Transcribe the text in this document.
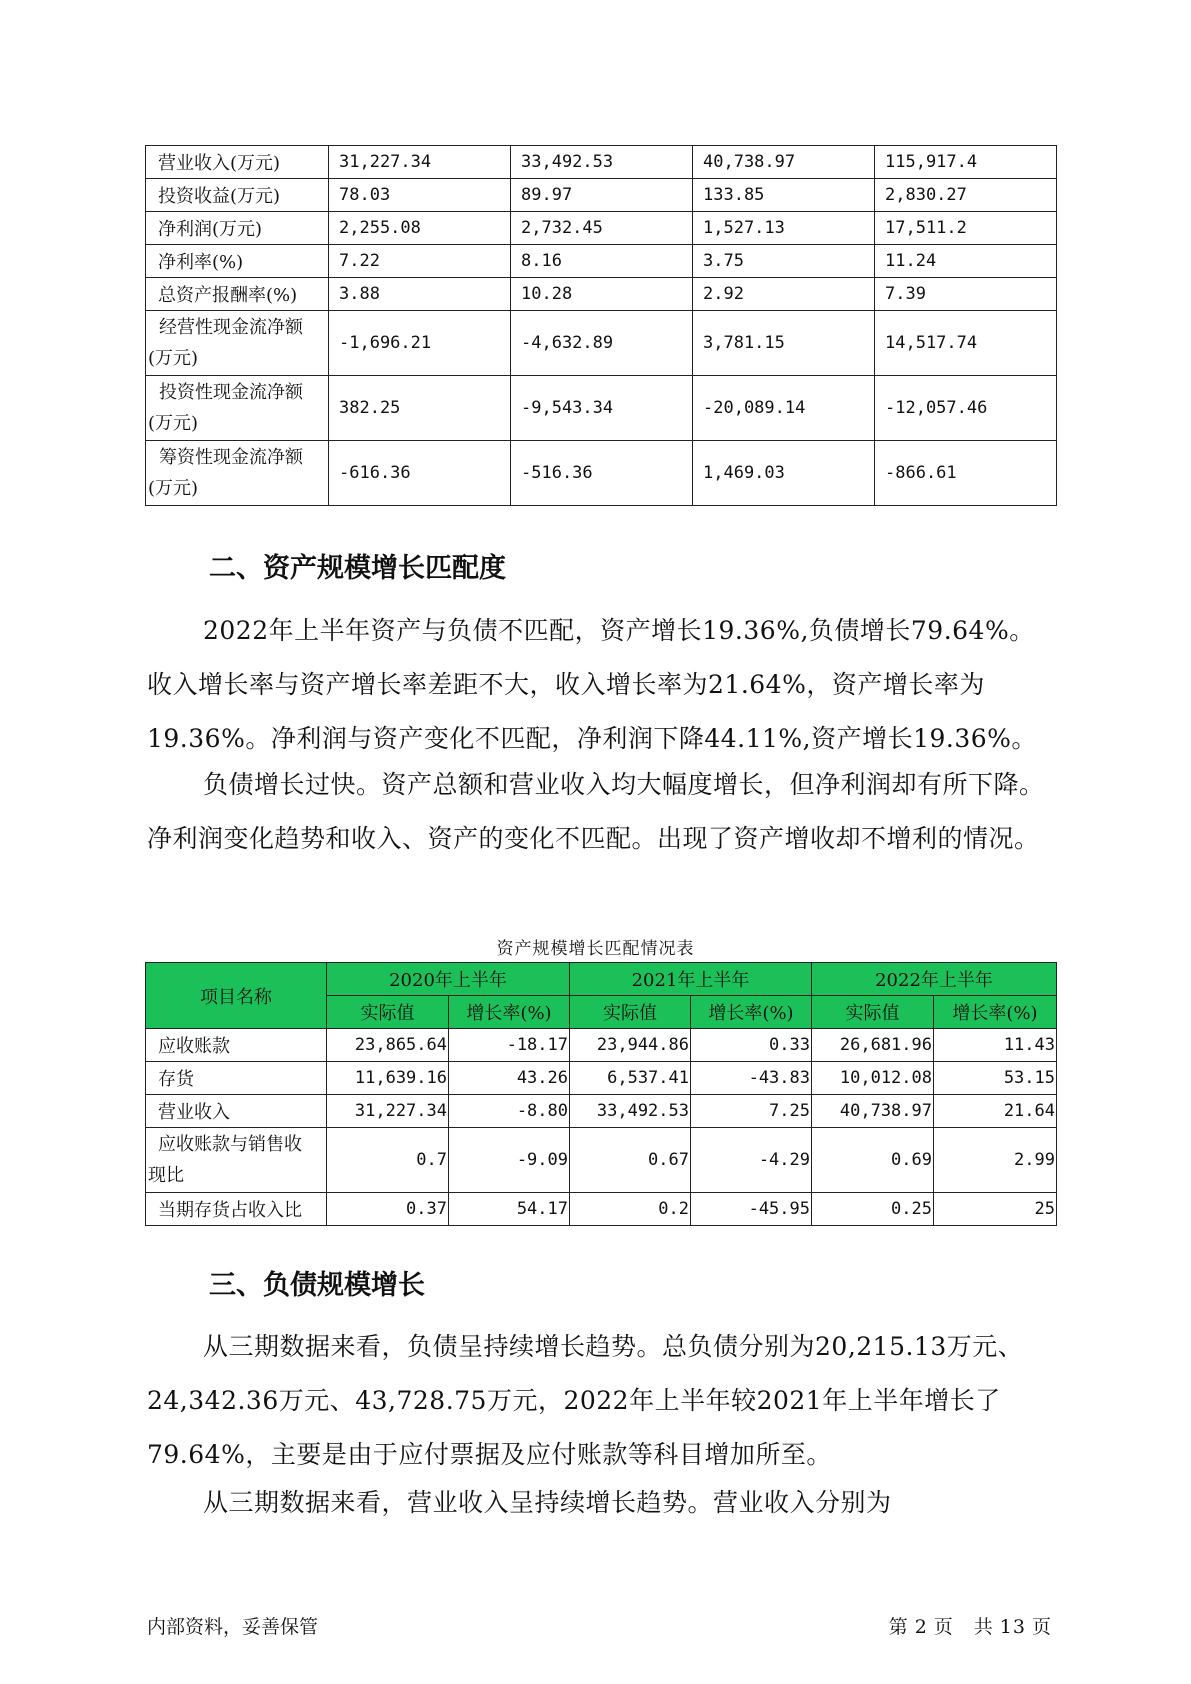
营业收入(万元)	31,227.34	33,492.53	40,738.97	115,917.4
投资收益(万元)	78.03	89.97	133.85	2,830.27
净利润(万元)	2,255.08	2,732.45	1,527.13	17,511.2
净利率(%)	7.22	8.16	3.75	11.24
总资产报酬率(%)	3.88	10.28	2.92	7.39

经营性现金流净额
(万元)	-1,696.21	-4,632.89	3,781.15	14,517.74

投资性现金流净额
(万元)	382.25	-9,543.34	-20,089.14	-12,057.46

筹资性现金流净额
(万元)	-616.36	-516.36	1,469.03	-866.61
二、资产规模增长匹配度

2022年上半年资产与负债不匹配，资产增长19.36%,负债增长79.64%。收入增长率与资产增长率差距不大，收入增长率为21.64%，资产增长率为19.36%。净利润与资产变化不匹配，净利润下降44.11%,资产增长19.36%。

负债增长过快。资产总额和营业收入均大幅度增长，但净利润却有所下降。净利润变化趋势和收入、资产的变化不匹配。出现了资产增收却不增利的情况。

资产规模增长匹配情况表

项目名称	2020年上半年		2021年上半年		2022年上半年	
	实际值	增长率(%)	实际值	增长率(%)	实际值	增长率(%)
应收账款	23,865.64	-18.17	23,944.86	0.33	26,681.96	11.43
存货	11,639.16	43.26	6,537.41	-43.83	10,012.08	53.15
营业收入	31,227.34	-8.80	33,492.53	7.25	40,738.97	21.64

应收账款与销售收
现比	0.7	-9.09	0.67	-4.29	0.69	2.99
当期存货占收入比	0.37	54.17	0.2	-45.95	0.25	25
三、负债规模增长

从三期数据来看，负债呈持续增长趋势。总负债分别为20,215.13万元、24,342.36万元、43,728.75万元，2022年上半年较2021年上半年增长了79.64%，主要是由于应付票据及应付账款等科目增加所至。

从三期数据来看，营业收入呈持续增长趋势。营业收入分别为

内部资料，妥善保管	第 2 页　共 13 页
